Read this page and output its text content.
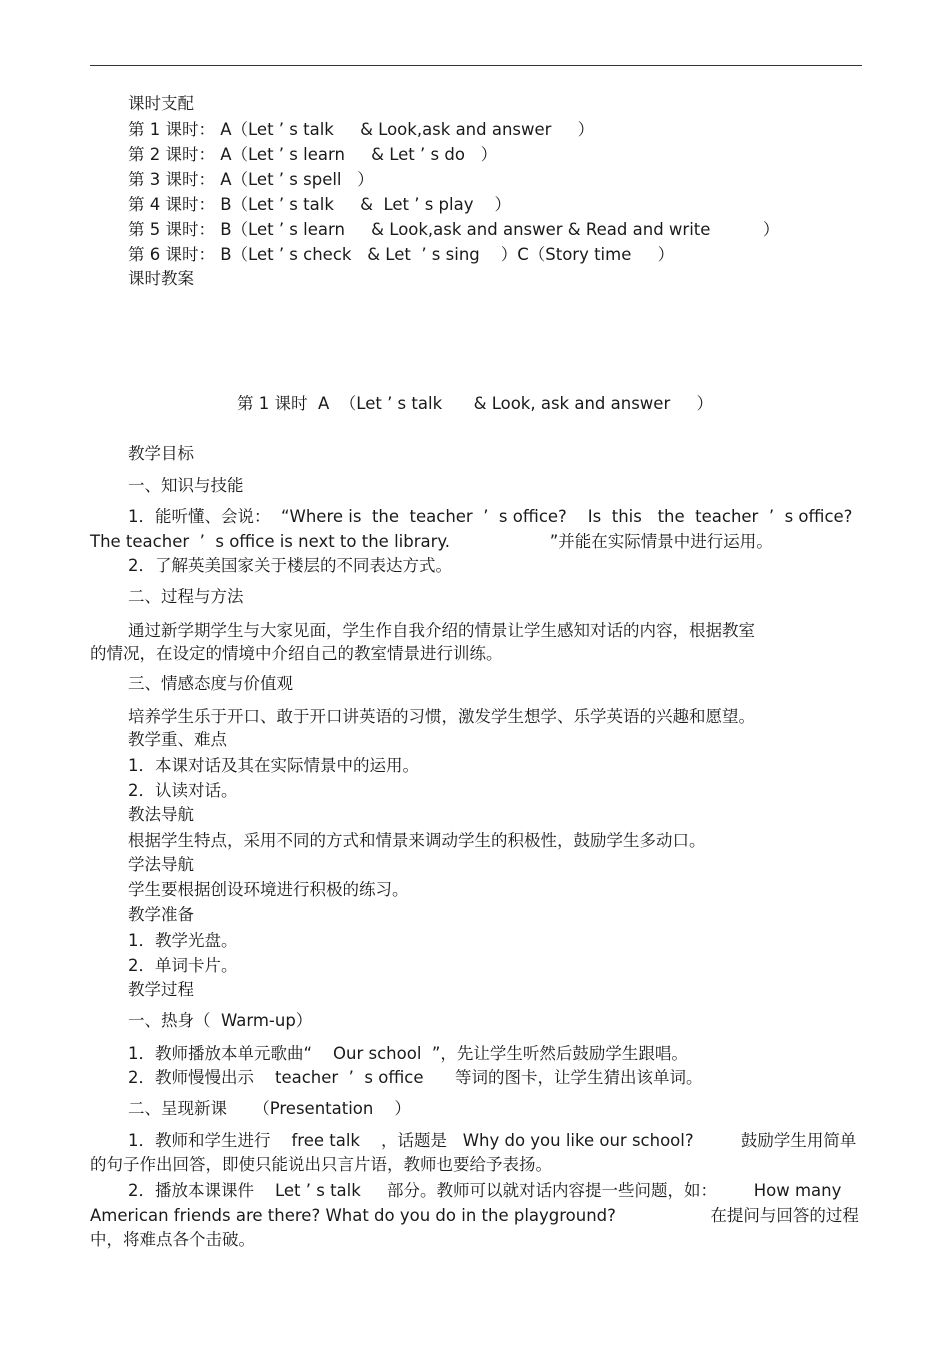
课时支配
第 1 课时： A（Let ’ s talk     & Look,ask and answer     ）
第 2 课时： A（Let ’ s learn     & Let ’ s do   ）
第 3 课时： A（Let ’ s spell   ）
第 4 课时： B（Let ’ s talk     &  Let ’ s play    ）
第 5 课时： B（Let ’ s learn     & Look,ask and answer & Read and write          ）
第 6 课时： B（Let ’ s check   & Let  ’ s sing    ）C（Story time     ）
课时教案
第 1 课时  A  （Let ’ s talk      & Look, ask and answer     ）
教学目标
一、知识与技能
1．能听懂、会说：  “Where is  the  teacher  ’  s office?    Is  this   the  teacher  ’  s office?
The teacher  ’  s office is next to the library.                   ”并能在实际情景中进行运用。
2．了解英美国家关于楼层的不同表达方式。
二、过程与方法
通过新学期学生与大家见面，学生作自我介绍的情景让学生感知对话的内容，根据教室
的情况，在设定的情境中介绍自己的教室情景进行训练。
三、情感态度与价值观
培养学生乐于开口、敢于开口讲英语的习惯，激发学生想学、乐学英语的兴趣和愿望。
教学重、难点
1．本课对话及其在实际情景中的运用。
2．认读对话。
教法导航
根据学生特点，采用不同的方式和情景来调动学生的积极性，鼓励学生多动口。
学法导航
学生要根据创设环境进行积极的练习。
教学准备
1．教学光盘。
2．单词卡片。
教学过程
一、热身（  Warm-up）
1．教师播放本单元歌曲“    Our school  ”，先让学生听然后鼓励学生跟唱。
2．教师慢慢出示    teacher  ’  s office      等词的图卡，让学生猜出该单词。
二、呈现新课     （Presentation    ）
1．教师和学生进行    free talk    ，话题是   Why do you like our school?         鼓励学生用简单
的句子作出回答，即使只能说出只言片语，教师也要给予表扬。
2．播放本课课件    Let ’ s talk     部分。教师可以就对话内容提一些问题，如：       How many
American friends are there? What do you do in the playground?                  在提问与回答的过程
中，将难点各个击破。
